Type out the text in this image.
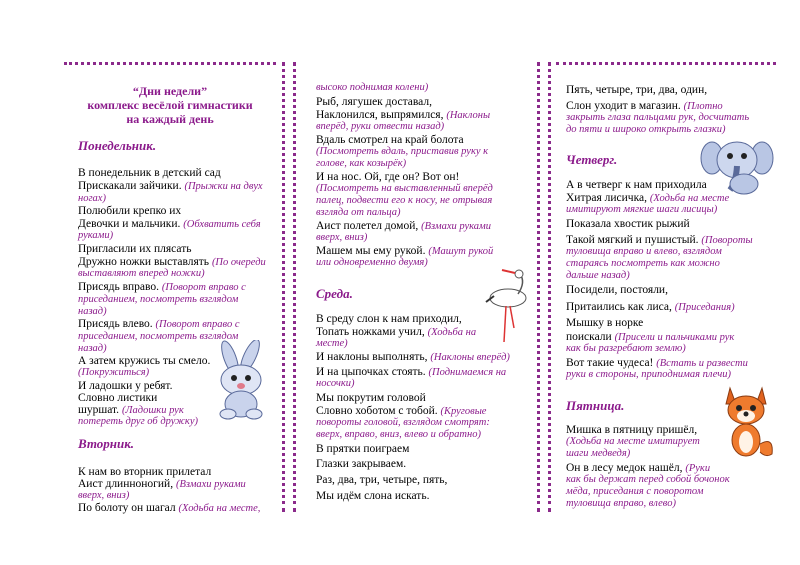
“Дни недели”
комплекс весёлой гимнастики
на каждый день
Понедельник.
В понедельник в детский сад
Прискакали зайчики. (Прыжки на двух
ногах)
Полюбили крепко их
Девочки и мальчики. (Обхватить себя
руками)
Пригласили их плясать
Дружно ножки выставлять (По очереди
выставляют вперед ножки)
Присядь вправо. (Поворот вправо с
приседанием, посмотреть взглядом
назад)
Присядь влево. (Поворот вправо с
приседанием, посмотреть взглядом
назад)
А затем кружись ты смело.
(Покружиться)
И ладошки у ребят.
Словно листики
шуршат. (Ладошки рук
потереть друг об дружку)
Вторник.
К нам во вторник прилетал
Аист длинноногий, (Взмахи руками
вверх, вниз)
По болоту он шагал (Ходьба на месте,
высоко поднимая колени)
Рыб, лягушек доставал,
Наклонился, выпрямился, (Наклоны
вперёд, руки отвести назад)
Вдаль смотрел на край болота
(Посмотреть вдаль, приставив руку к
голове, как козырёк)
И на нос. Ой, где он? Вот он!
(Посмотреть на выставленный вперёд
палец, подвести его к носу, не отрывая
взгляда от пальца)
Аист полетел домой, (Взмахи руками
вверх, вниз)
Машем мы ему рукой. (Машут рукой
или одновременно двумя)
Среда.
В среду слон к нам приходил,
Топать ножками учил, (Ходьба на
месте)
И наклоны выполнять, (Наклоны вперёд)
И на цыпочках стоять. (Поднимаемся на
носочки)
Мы покрутим головой
Словно хоботом с тобой. (Круговые
повороты головой, взглядом смотрят:
вверх, вправо, вниз, влево и обратно)
В прятки поиграем
Глазки закрываем.
Раз, два, три, четыре, пять,
Мы идём слона искать.
Пять, четыре, три, два, один,
Слон уходит в магазин. (Плотно
закрыть глаза пальцами рук, досчитать
до пяти и широко открыть глазки)
Четверг.
А в четверг к нам приходила
Хитрая лисичка, (Ходьба на месте
имитируют мягкие шаги лисицы)
Показала хвостик рыжий
Такой мягкий и пушистый. (Повороты
туловища вправо и влево, взглядом
стараясь посмотреть как можно
дальше назад)
Посидели, постояли,
Притаились как лиса, (Приседания)
Мышку в норке
поискали (Присели и пальчиками рук
как бы разгребают землю)
Вот такие чудеса! (Встать и развести
руки в стороны, приподнимая плечи)
Пятница.
Мишка в пятницу пришёл,
(Ходьба на месте имитирует
шаги медведя)
Он в лесу медок нашёл, (Руки
как бы держат перед собой бочонок
мёда, приседания с поворотом
туловища вправо, влево)
